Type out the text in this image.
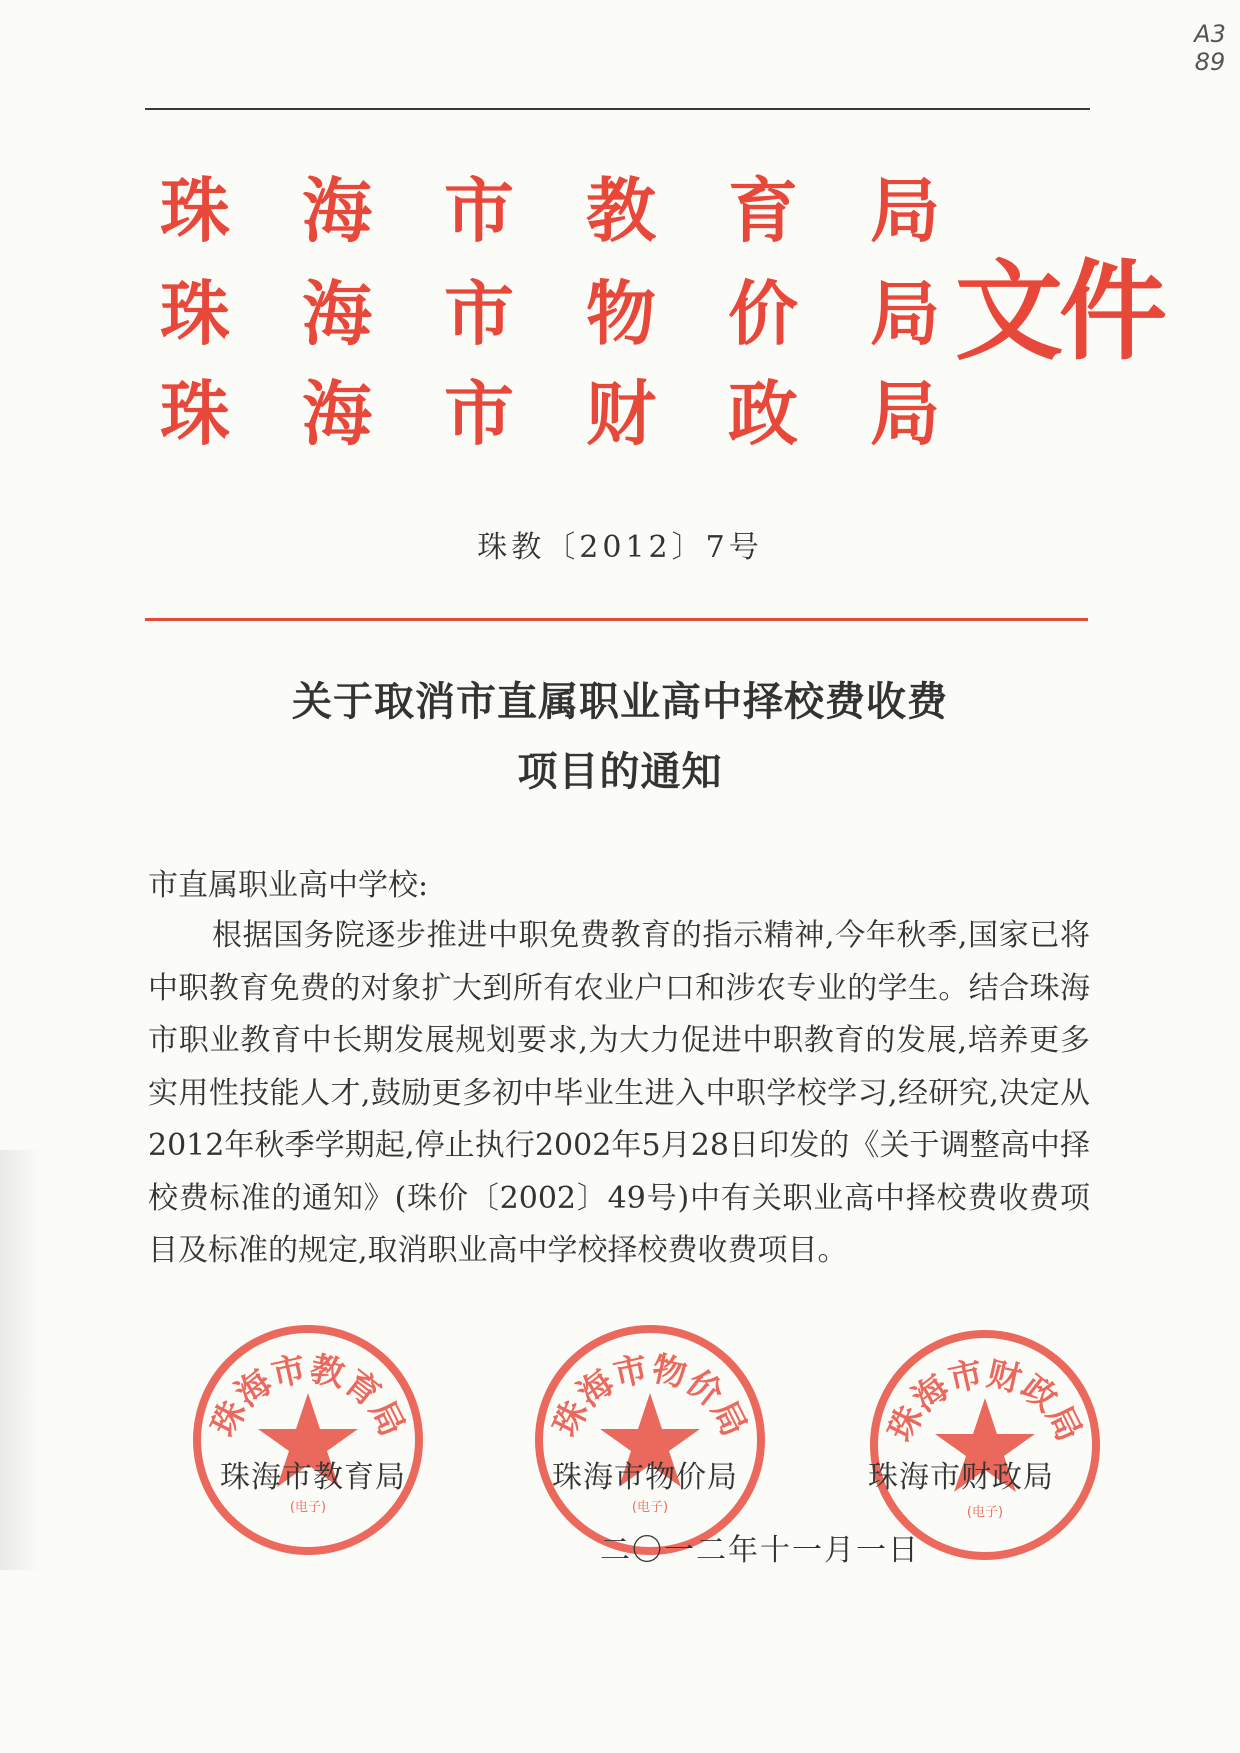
A3 89
珠 海 市 教 育 局
珠 海 市 物 价 局
珠 海 市 财 政 局
文件
珠教〔2012〕7号
关于取消市直属职业高中择校费收费
项目的通知
市直属职业高中学校:

根据国务院逐步推进中职免费教育的指示精神,今年秋季,国家已将中职教育免费的对象扩大到所有农业户口和涉农专业的学生。结合珠海市职业教育中长期发展规划要求,为大力促进中职教育的发展,培养更多实用性技能人才,鼓励更多初中毕业生进入中职学校学习,经研究,决定从2012年秋季学期起,停止执行2002年5月28日印发的《关于调整高中择校费标准的通知》(珠价〔2002〕49号)中有关职业高中择校费收费项目及标准的规定,取消职业高中学校择校费收费项目。

珠海市教育局
(电子)
珠海市物价局
(电子)
珠海市财政局
(电子)
珠海市教育局	珠海市物价局	珠海市财政局
二〇一二年十一月一日
